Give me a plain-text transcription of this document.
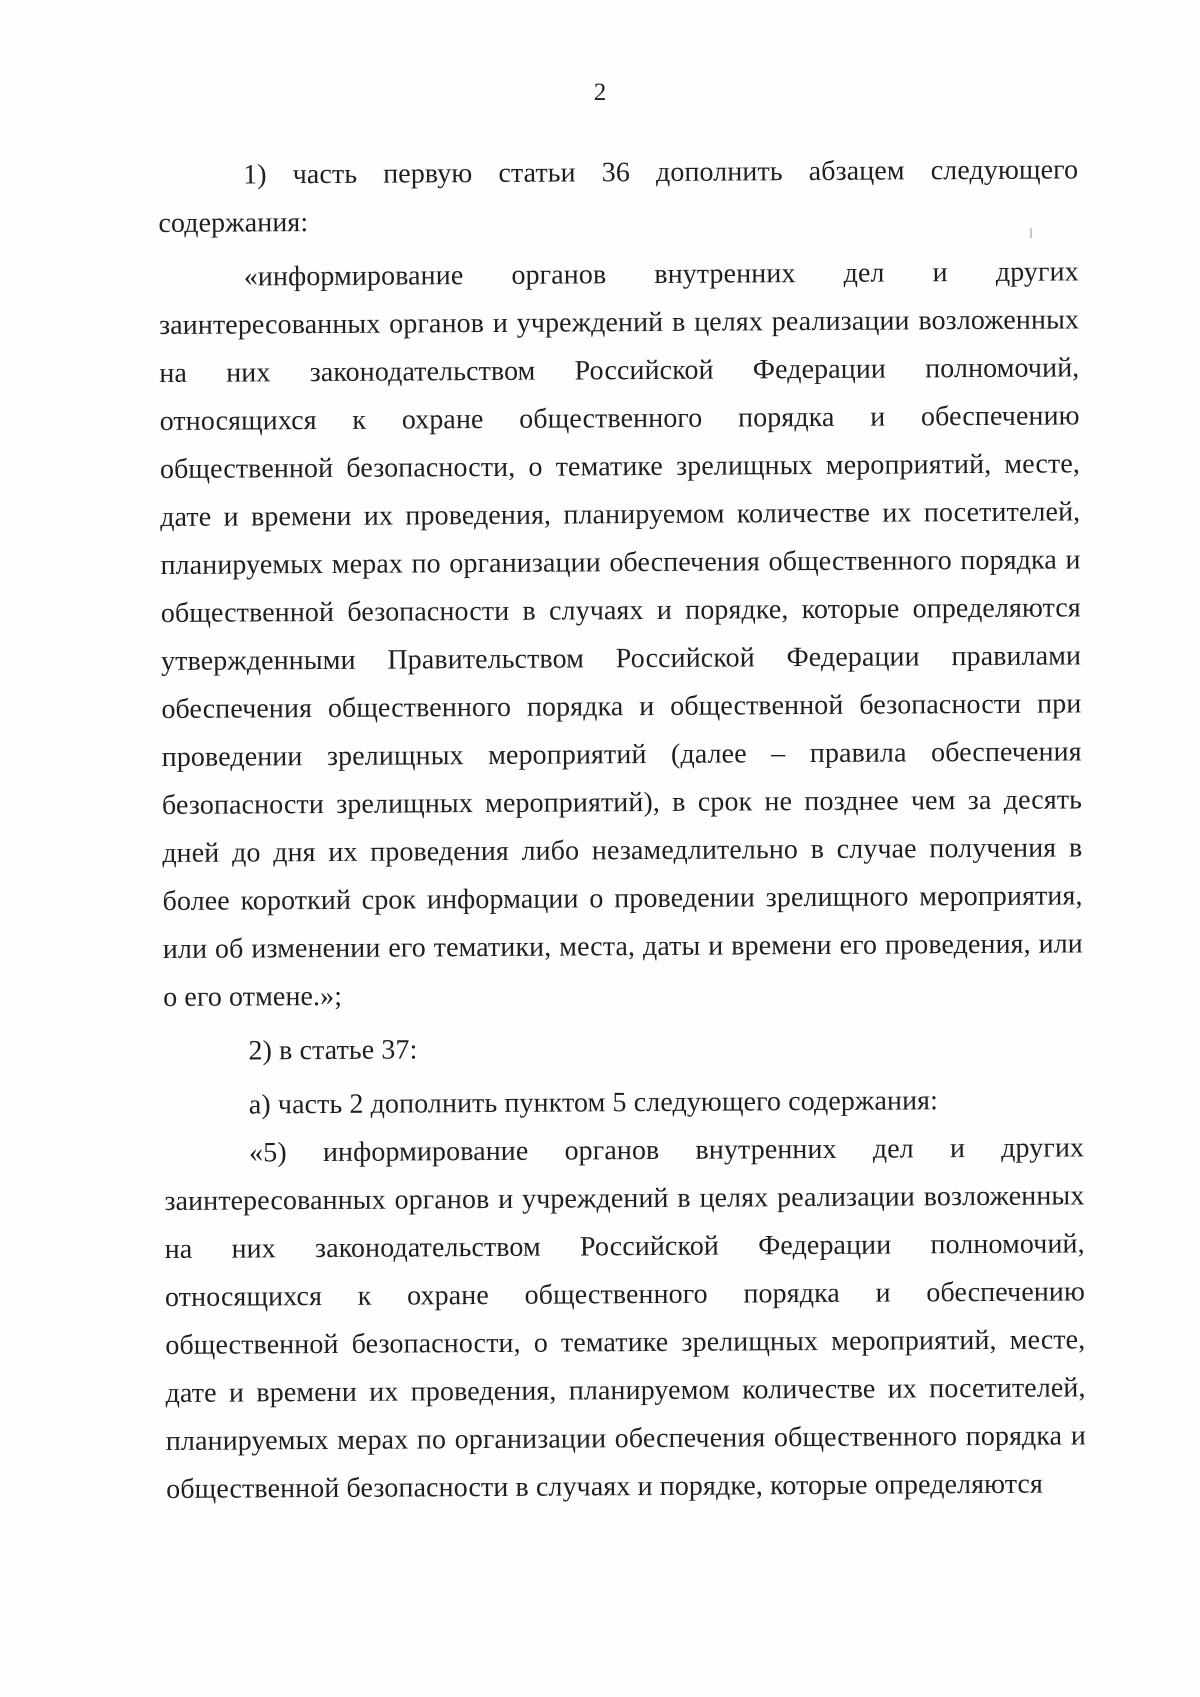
2

1) часть первую статьи 36 дополнить абзацем следующего содержания:

«информирование органов внутренних дел и других заинтересованных органов и учреждений в целях реализации возложенных на них законодательством Российской Федерации полномочий, относящихся к охране общественного порядка и обеспечению общественной безопасности, о тематике зрелищных мероприятий, месте, дате и времени их проведения, планируемом количестве их посетителей, планируемых мерах по организации обеспечения общественного порядка и общественной безопасности в случаях и порядке, которые определяются утвержденными Правительством Российской Федерации правилами обеспечения общественного порядка и общественной безопасности при проведении зрелищных мероприятий (далее – правила обеспечения безопасности зрелищных мероприятий), в срок не позднее чем за десять дней до дня их проведения либо незамедлительно в случае получения в более короткий срок информации о проведении зрелищного мероприятия, или об изменении его тематики, места, даты и времени его проведения, или о его отмене.»;

2) в статье 37:

а) часть 2 дополнить пунктом 5 следующего содержания:

«5) информирование органов внутренних дел и других заинтересованных органов и учреждений в целях реализации возложенных на них законодательством Российской Федерации полномочий, относящихся к охране общественного порядка и обеспечению общественной безопасности, о тематике зрелищных мероприятий, месте, дате и времени их проведения, планируемом количестве их посетителей, планируемых мерах по организации обеспечения общественного порядка и общественной безопасности в случаях и порядке, которые определяются
